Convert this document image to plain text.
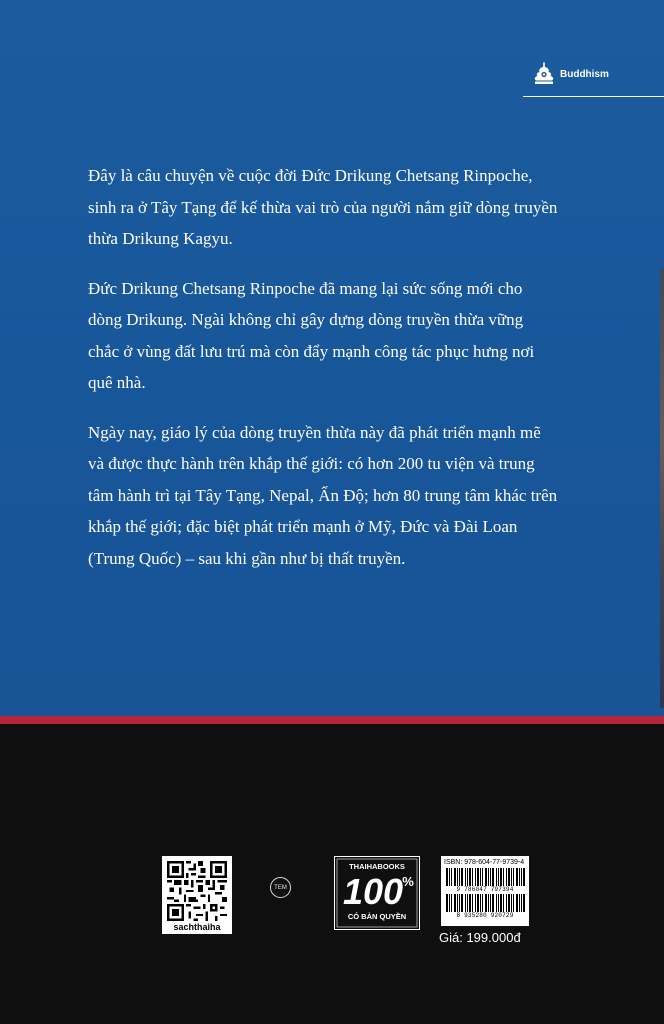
Buddhism

Đây là câu chuyện về cuộc đời Đức Drikung Chetsang Rinpoche, sinh ra ở Tây Tạng để kế thừa vai trò của người nắm giữ dòng truyền thừa Drikung Kagyu.

Đức Drikung Chetsang Rinpoche đã mang lại sức sống mới cho dòng Drikung. Ngài không chỉ gây dựng dòng truyền thừa vững chắc ở vùng đất lưu trú mà còn đẩy mạnh công tác phục hưng nơi quê nhà.

Ngày nay, giáo lý của dòng truyền thừa này đã phát triển mạnh mẽ và được thực hành trên khắp thế giới: có hơn 200 tu viện và trung tâm hành trì tại Tây Tạng, Nepal, Ấn Độ; hơn 80 trung tâm khác trên khắp thế giới; đặc biệt phát triển mạnh ở Mỹ, Đức và Đài Loan (Trung Quốc) – sau khi gần như bị thất truyền.

sachthaiha
TEM
THAIHABOOKS
100 %
CÓ BẢN QUYỀN
ISBN: 978-604-77-9739-4
9 786047 797394
8 935280 920729
Giá: 199.000đ
